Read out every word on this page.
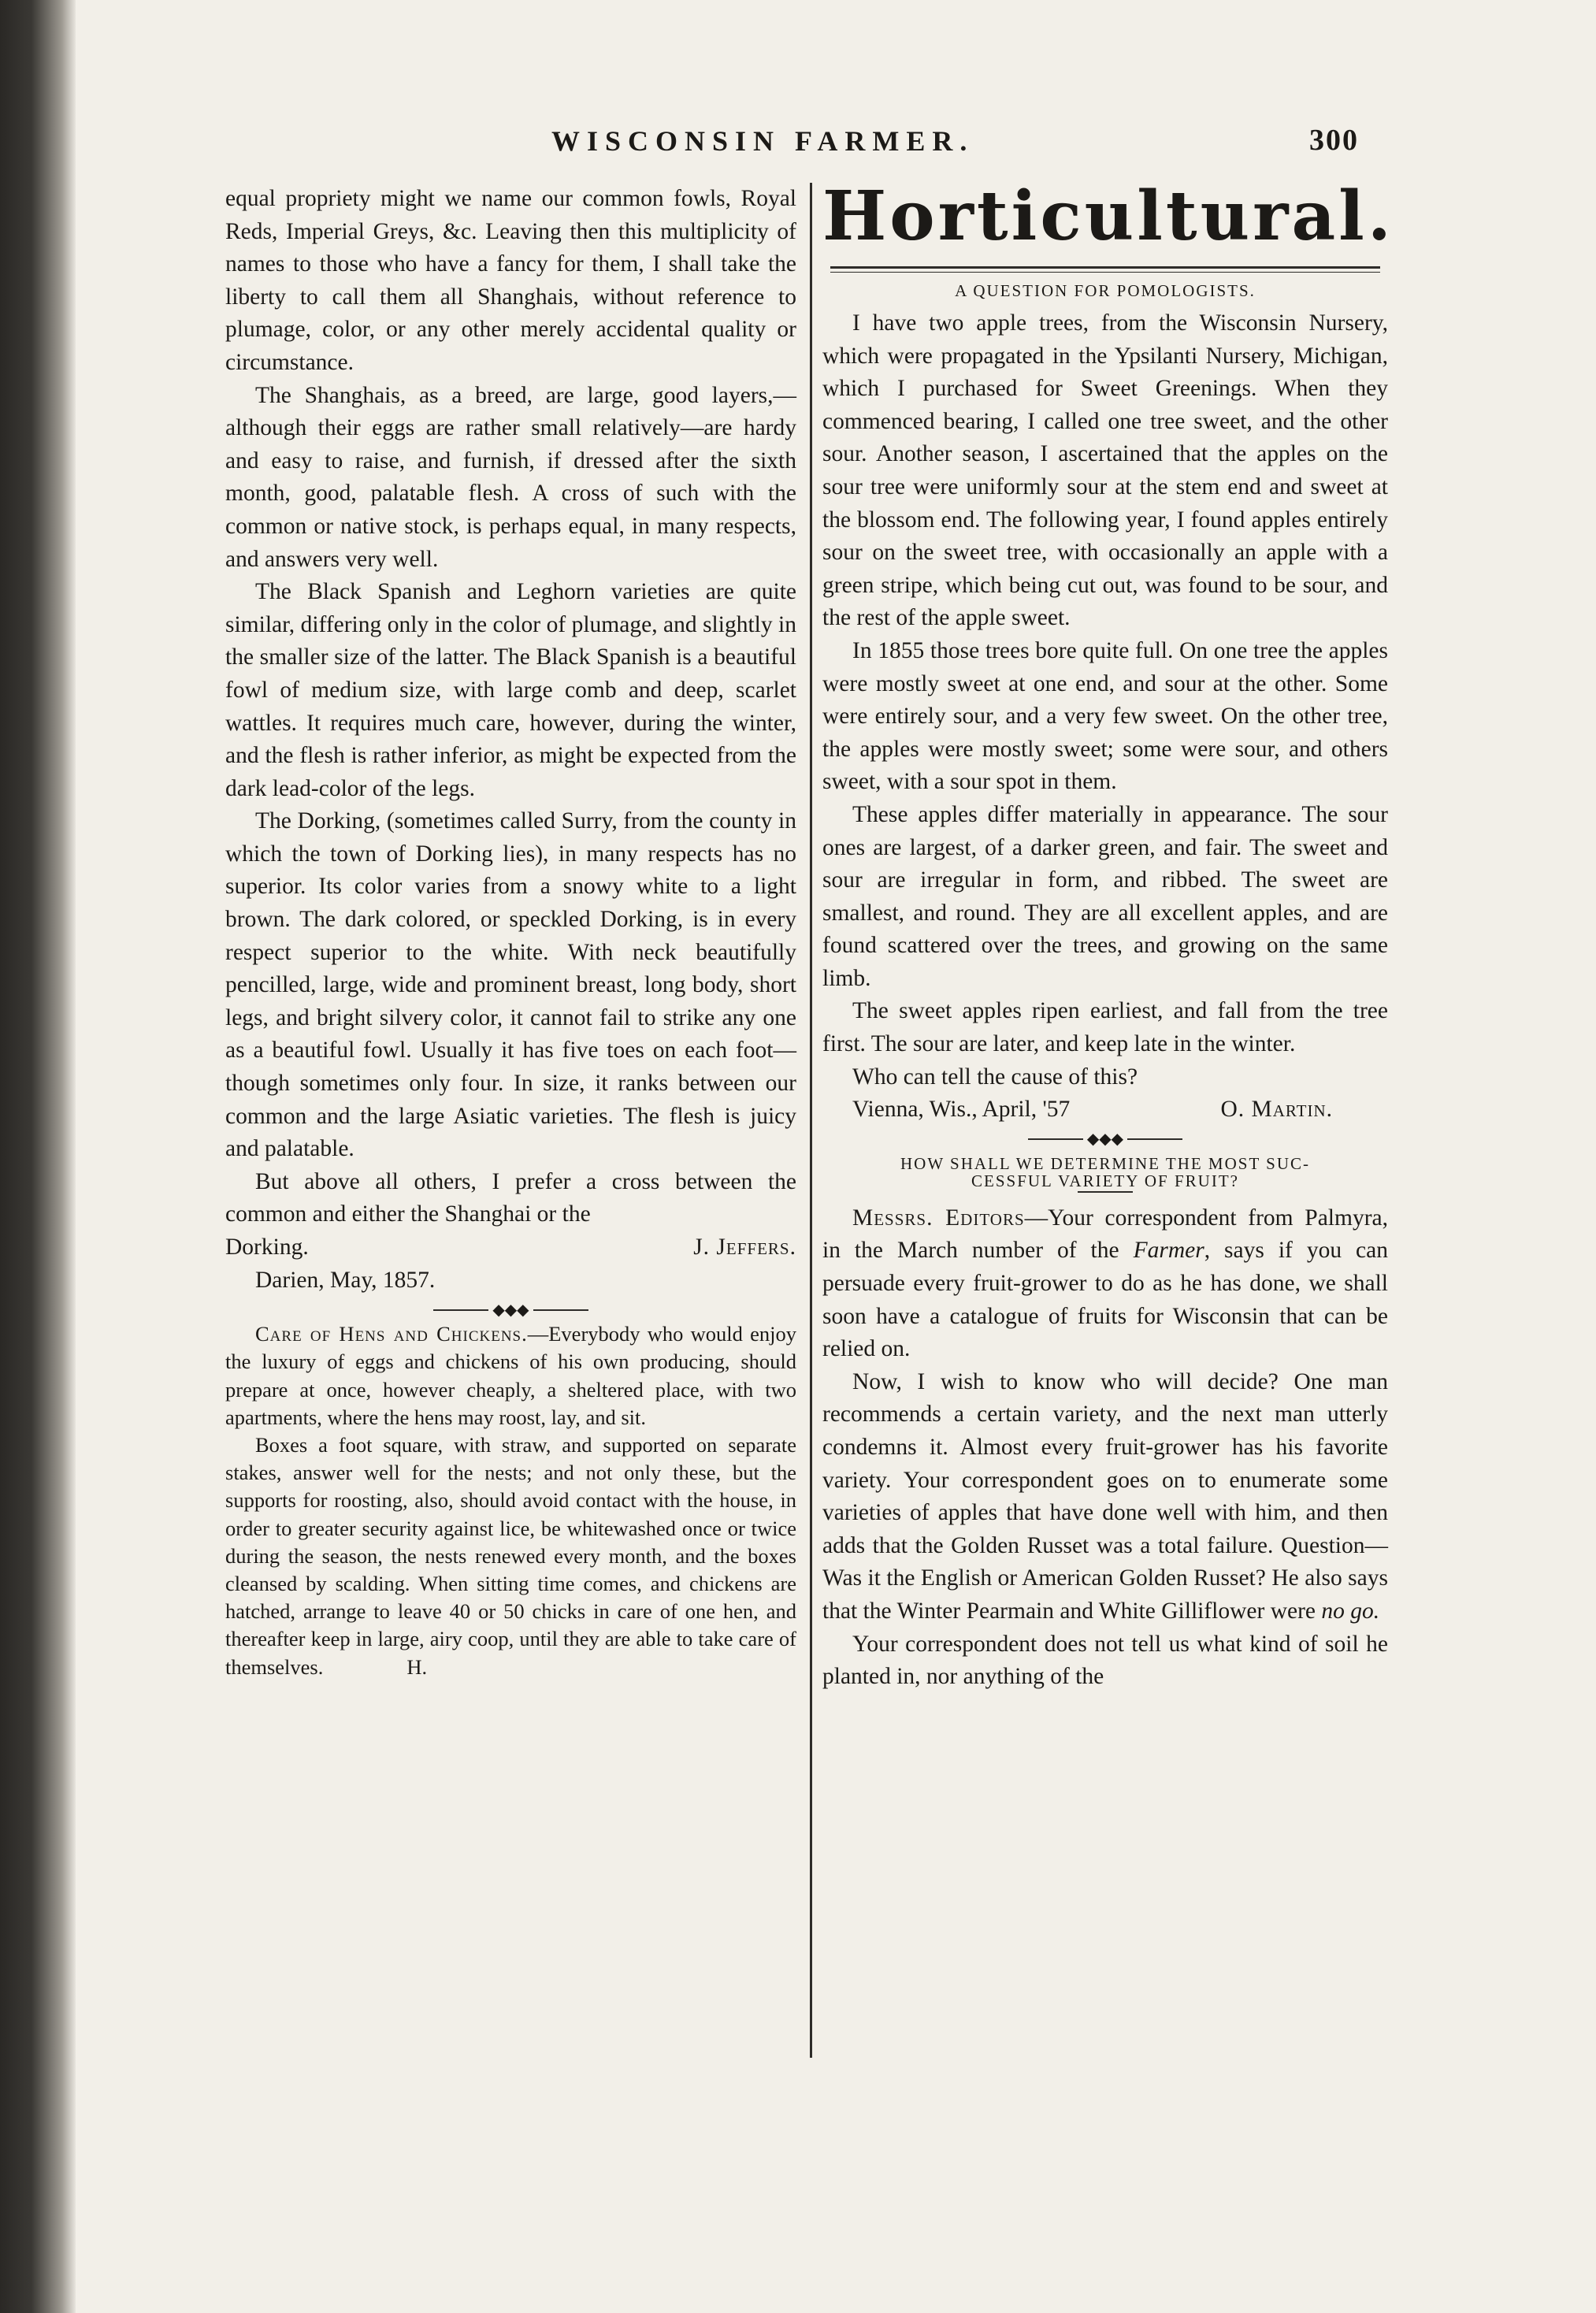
WISCONSIN FARMER.	300

equal propriety might we name our common fowls, Royal Reds, Imperial Greys, &c. Leaving then this multiplicity of names to those who have a fancy for them, I shall take the liberty to call them all Shanghais, without reference to plumage, color, or any other merely accidental quality or circumstance.

The Shanghais, as a breed, are large, good layers,—although their eggs are rather small relatively—are hardy and easy to raise, and furnish, if dressed after the sixth month, good, palatable flesh. A cross of such with the common or native stock, is perhaps equal, in many respects, and answers very well.

The Black Spanish and Leghorn varieties are quite similar, differing only in the color of plumage, and slightly in the smaller size of the latter. The Black Spanish is a beautiful fowl of medium size, with large comb and deep, scarlet wattles. It requires much care, however, during the winter, and the flesh is rather inferior, as might be expected from the dark lead-color of the legs.

The Dorking, (sometimes called Surry, from the county in which the town of Dorking lies), in many respects has no superior. Its color varies from a snowy white to a light brown. The dark colored, or speckled Dorking, is in every respect superior to the white. With neck beautifully pencilled, large, wide and prominent breast, long body, short legs, and bright silvery color, it cannot fail to strike any one as a beautiful fowl. Usually it has five toes on each foot—though sometimes only four. In size, it ranks between our common and the large Asiatic varieties. The flesh is juicy and palatable.

But above all others, I prefer a cross between the common and either the Shanghai or the

Dorking.	J. Jeffers.

Darien, May, 1857.

◆◆◆

Care of Hens and Chickens.—Everybody who would enjoy the luxury of eggs and chickens of his own producing, should prepare at once, however cheaply, a sheltered place, with two apartments, where the hens may roost, lay, and sit.

Boxes a foot square, with straw, and supported on separate stakes, answer well for the nests; and not only these, but the supports for roosting, also, should avoid contact with the house, in order to greater security against lice, be whitewashed once or twice during the season, the nests renewed every month, and the boxes cleansed by scalding. When sitting time comes, and chickens are hatched, arrange to leave 40 or 50 chicks in care of one hen, and thereafter keep in large, airy coop, until they are able to take care of themselves.    	H.

Horticultural.
A QUESTION FOR POMOLOGISTS.

I have two apple trees, from the Wisconsin Nursery, which were propagated in the Ypsilanti Nursery, Michigan, which I purchased for Sweet Greenings. When they commenced bearing, I called one tree sweet, and the other sour. Another season, I ascertained that the apples on the sour tree were uniformly sour at the stem end and sweet at the blossom end. The following year, I found apples entirely sour on the sweet tree, with occasionally an apple with a green stripe, which being cut out, was found to be sour, and the rest of the apple sweet.

In 1855 those trees bore quite full. On one tree the apples were mostly sweet at one end, and sour at the other. Some were entirely sour, and a very few sweet. On the other tree, the apples were mostly sweet; some were sour, and others sweet, with a sour spot in them.

These apples differ materially in appearance. The sour ones are largest, of a darker green, and fair. The sweet and sour are irregular in form, and ribbed. The sweet are smallest, and round. They are all excellent apples, and are found scattered over the trees, and growing on the same limb.

The sweet apples ripen earliest, and fall from the tree first. The sour are later, and keep late in the winter.

Who can tell the cause of this?

Vienna, Wis., April, '57	O. Martin.
◆◆◆
HOW SHALL WE DETERMINE THE MOST SUC-
CESSFUL VARIETY OF FRUIT?

Messrs. Editors—Your correspondent from Palmyra, in the March number of the Farmer, says if you can persuade every fruit-grower to do as he has done, we shall soon have a catalogue of fruits for Wisconsin that can be relied on.

Now, I wish to know who will decide? One man recommends a certain variety, and the next man utterly condemns it. Almost every fruit-grower has his favorite variety. Your correspondent goes on to enumerate some varieties of apples that have done well with him, and then adds that the Golden Russet was a total failure. Question—Was it the English or American Golden Russet? He also says that the Winter Pearmain and White Gilliflower were no go.

Your correspondent does not tell us what kind of soil he planted in, nor anything of the
